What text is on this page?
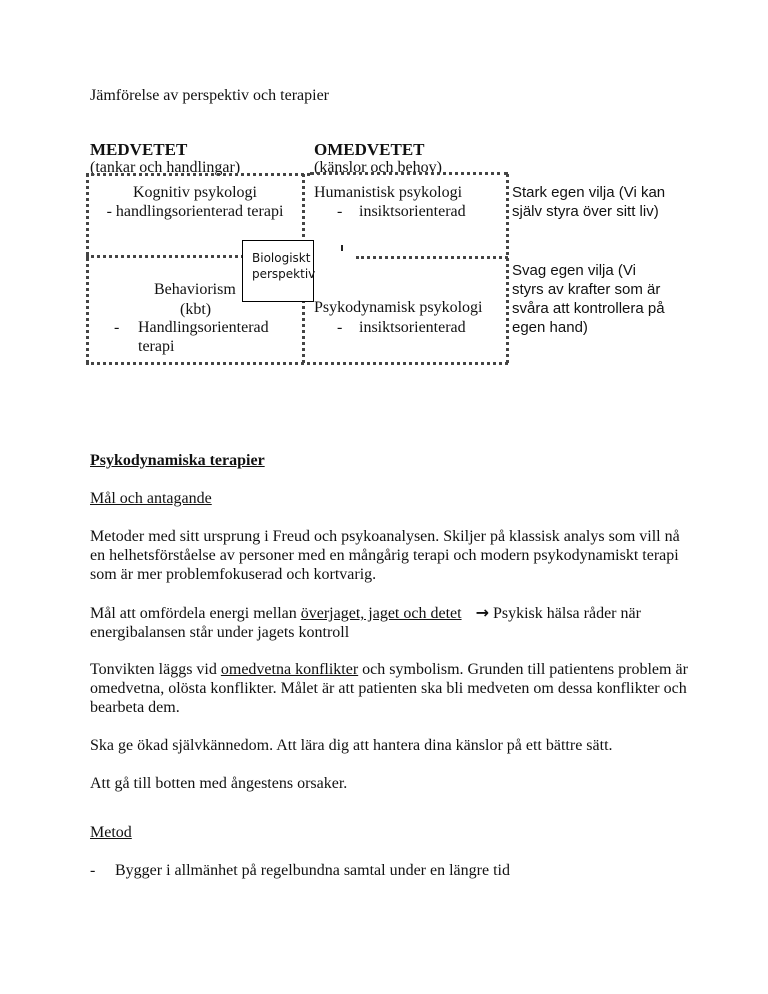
Jämförelse av perspektiv och terapier
MEDVETET
(tankar och handlingar)
OMEDVETET
(känslor och behov)
Kognitiv psykologi
- handlingsorienterad terapi
Humanistisk psykologi
- insiktsorienterad
Behaviorism
(kbt)
- Handlingsorienterad
terapi
Psykodynamisk psykologi
- insiktsorienterad
Biologiskt
perspektiv
Stark egen vilja (Vi kan
själv styra över sitt liv)
Svag egen vilja (Vi
styrs av krafter som är
svåra att kontrollera på
egen hand)
Psykodynamiska terapier
Mål och antagande
Metoder med sitt ursprung i Freud och psykoanalysen. Skiljer på klassisk analys som vill nå en helhetsförståelse av personer med en mångårig terapi och modern psykodynamiskt terapi som är mer problemfokuserad och kortvarig.
Mål att omfördela energi mellan överjaget, jaget och detet → Psykisk hälsa råder när energibalansen står under jagets kontroll
Tonvikten läggs vid omedvetna konflikter och symbolism. Grunden till patientens problem är omedvetna, olösta konflikter. Målet är att patienten ska bli medveten om dessa konflikter och bearbeta dem.
Ska ge ökad självkännedom. Att lära dig att hantera dina känslor på ett bättre sätt.
Att gå till botten med ångestens orsaker.
Metod
- Bygger i allmänhet på regelbundna samtal under en längre tid
